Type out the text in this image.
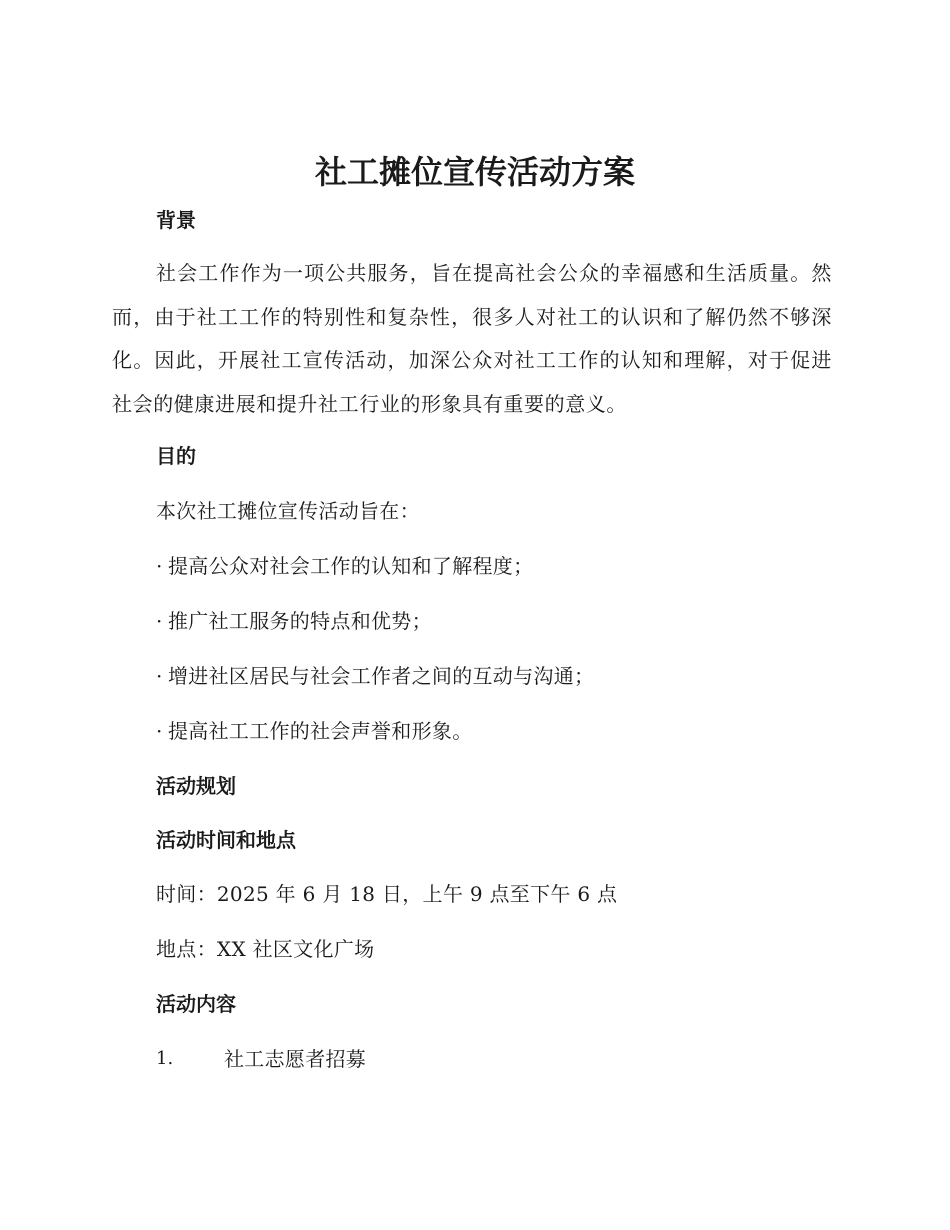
社工摊位宣传活动方案
背景
社会工作作为一项公共服务，旨在提高社会公众的幸福感和生活质量。然而，由于社工工作的特别性和复杂性，很多人对社工的认识和了解仍然不够深化。因此，开展社工宣传活动，加深公众对社工工作的认知和理解，对于促进社会的健康进展和提升社工行业的形象具有重要的意义。
目的
本次社工摊位宣传活动旨在：
· 提高公众对社会工作的认知和了解程度；
· 推广社工服务的特点和优势；
· 增进社区居民与社会工作者之间的互动与沟通；
· 提高社工工作的社会声誉和形象。
活动规划
活动时间和地点
时间：2025 年 6 月 18 日，上午 9 点至下午 6 点
地点：XX 社区文化广场
活动内容
1.	社工志愿者招募
